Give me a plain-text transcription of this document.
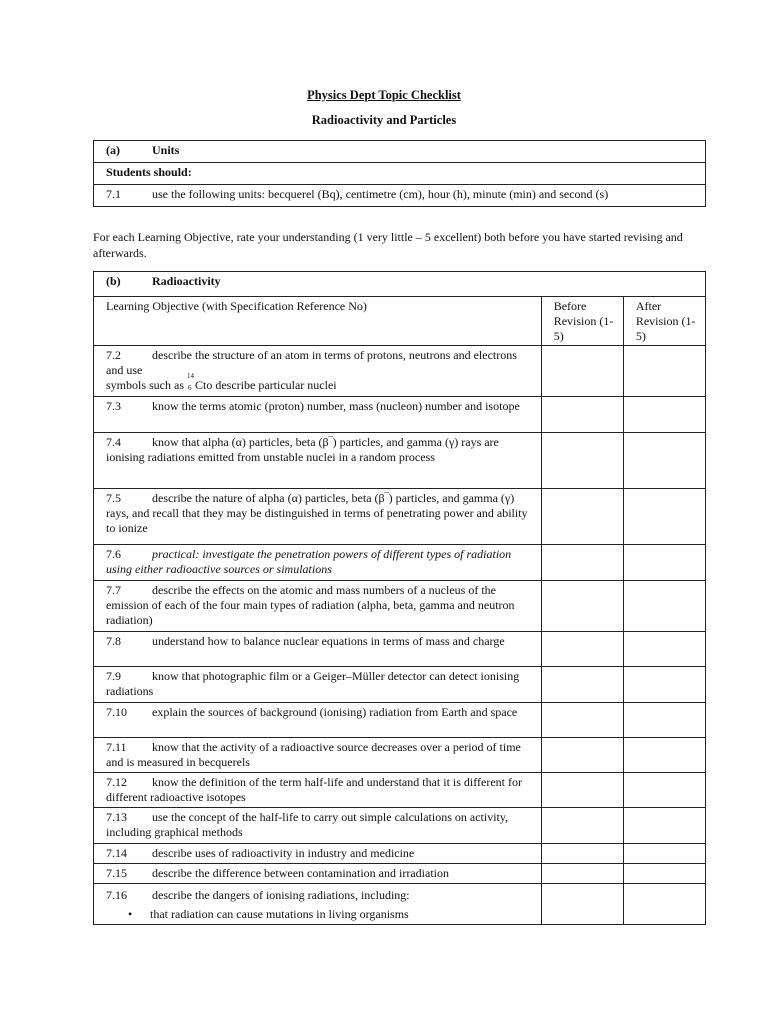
Physics Dept Topic Checklist
Radioactivity and Particles
(a)	Units
Students should:
7.1	use the following units: becquerel (Bq), centimetre (cm), hour (h), minute (min) and second (s)
For each Learning Objective, rate your understanding (1 very little – 5 excellent) both before you have started revising and afterwards.
(b) Radioactivity		
Learning Objective (with Specification Reference No)	Before Revision (1-5)	After Revision (1-5)
7.2 describe the structure of an atom in terms of protons, neutrons and electrons and use
symbols such as
14
6 Cto describe particular nuclei		
7.3 know the terms atomic (proton) number, mass (nucleon) number and isotope		
7.4 know that alpha (α) particles, beta (β‾) particles, and gamma (γ) rays are ionising radiations emitted from unstable nuclei in a random process		
7.5 describe the nature of alpha (α) particles, beta (β‾) particles, and gamma (γ) rays, and recall that they may be distinguished in terms of penetrating power and ability to ionize		
7.6 practical: investigate the penetration powers of different types of radiation using either radioactive sources or simulations		
7.7 describe the effects on the atomic and mass numbers of a nucleus of the emission of each of the four main types of radiation (alpha, beta, gamma and neutron radiation)		
7.8 understand how to balance nuclear equations in terms of mass and charge		
7.9 know that photographic film or a Geiger–Müller detector can detect ionising radiations		
7.10 explain the sources of background (ionising) radiation from Earth and space		
7.11 know that the activity of a radioactive source decreases over a period of time and is measured in becquerels		
7.12 know the definition of the term half-life and understand that it is different for different radioactive isotopes		
7.13 use the concept of the half-life to carry out simple calculations on activity, including graphical methods		
7.14 describe uses of radioactivity in industry and medicine		
7.15 describe the difference between contamination and irradiation		
7.16 describe the dangers of ionising radiations, including:
• that radiation can cause mutations in living organisms
